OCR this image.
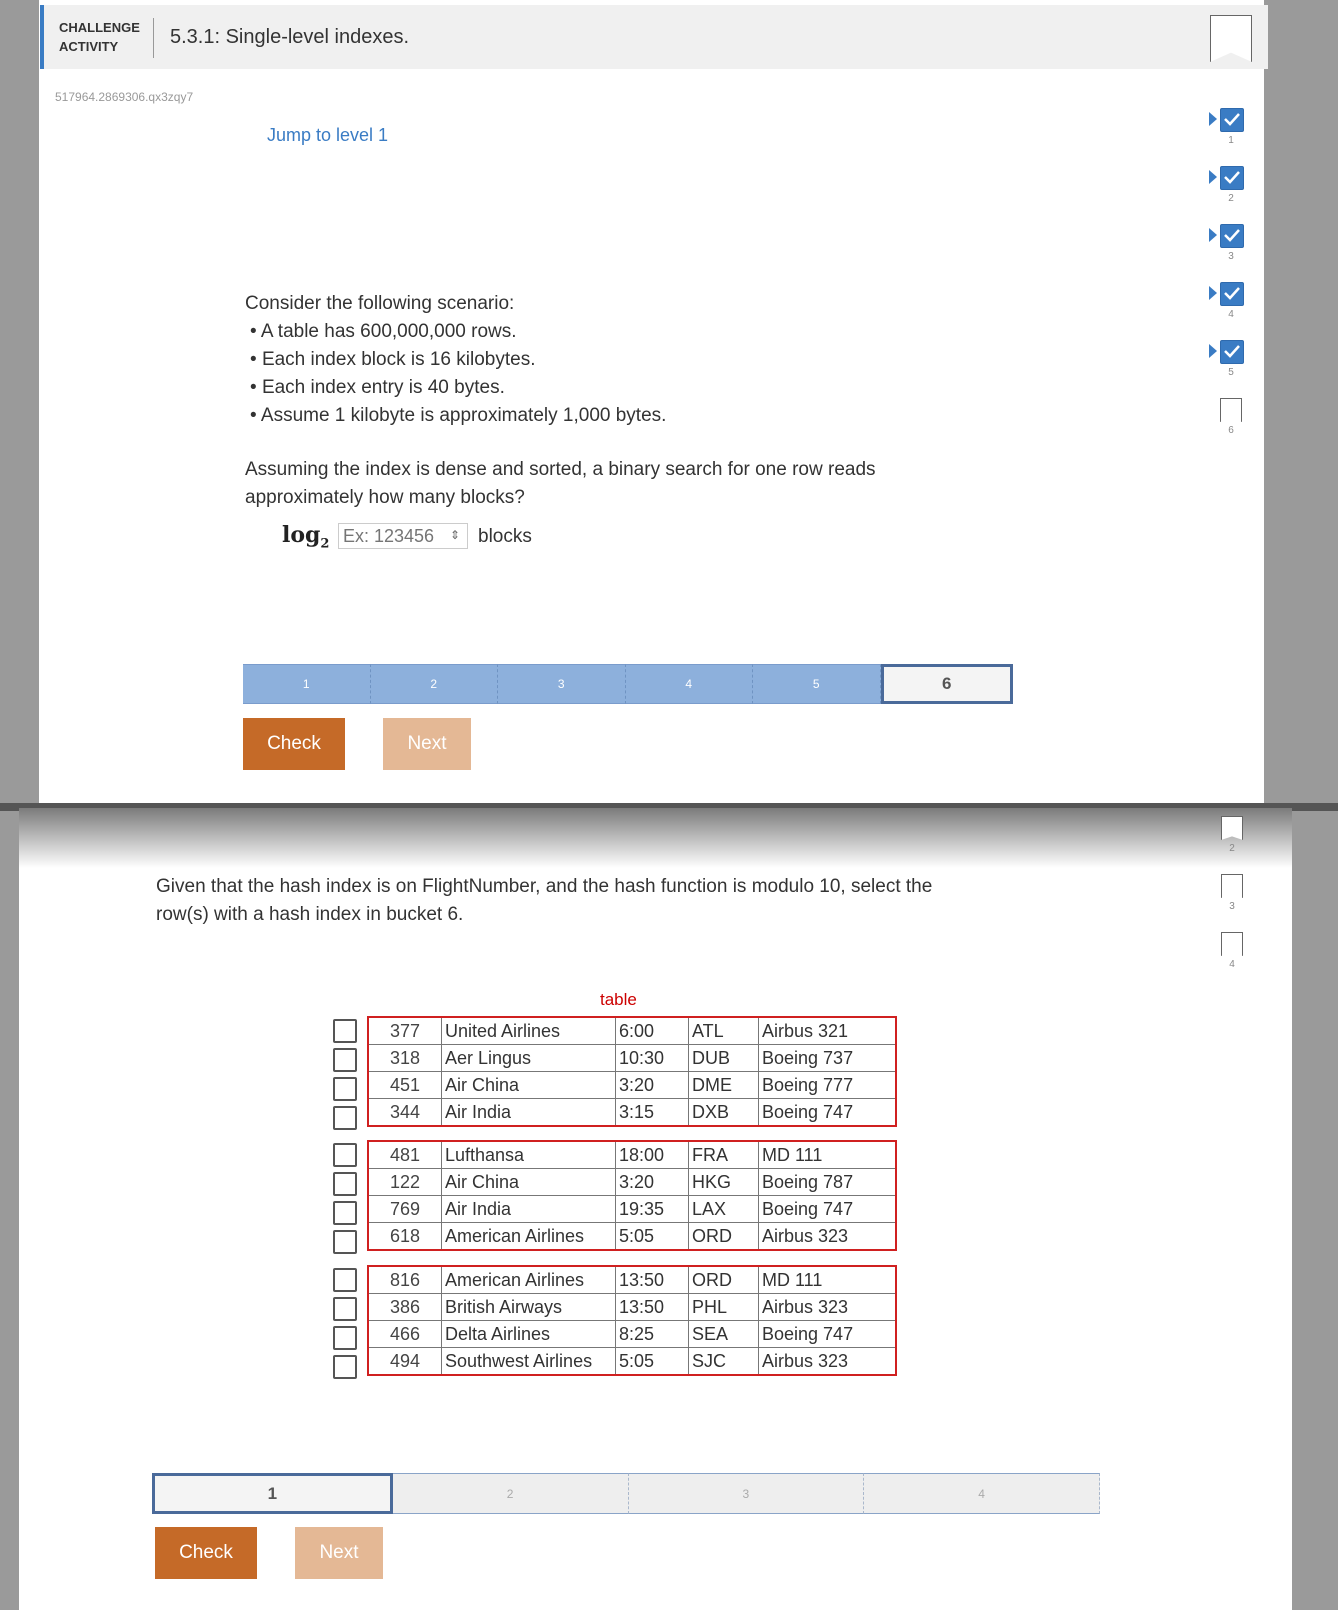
CHALLENGE ACTIVITY	5.3.1: Single-level indexes.
517964.2869306.qx3zqy7
Jump to level 1	1
2
3
4
5
6
Consider the following scenario:
• A table has 600,000,000 rows.
• Each index block is 16 kilobytes.
• Each index entry is 40 bytes.
• Assume 1 kilobyte is approximately 1,000 bytes.
Assuming the index is dense and sorted, a binary search for one row reads
approximately how many blocks?
$\log_2$
Ex: 123456
⇕ blocks
1	2	3	4	5	6
Check	Next
2
3
4
Given that the hash index is on FlightNumber, and the hash function is modulo 10, select the
row(s) with a hash index in bucket 6.
table
377	United Airlines	6:00	ATL	Airbus 321
318	Aer Lingus	10:30	DUB	Boeing 737
451	Air China	3:20	DME	Boeing 777
344	Air India	3:15	DXB	Boeing 747
481	Lufthansa	18:00	FRA	MD 111
122	Air China	3:20	HKG	Boeing 787
769	Air India	19:35	LAX	Boeing 747
618	American Airlines	5:05	ORD	Airbus 323
816	American Airlines	13:50	ORD	MD 111
386	British Airways	13:50	PHL	Airbus 323
466	Delta Airlines	8:25	SEA	Boeing 747
494	Southwest Airlines	5:05	SJC	Airbus 323
1	2	3	4
Check	Next
